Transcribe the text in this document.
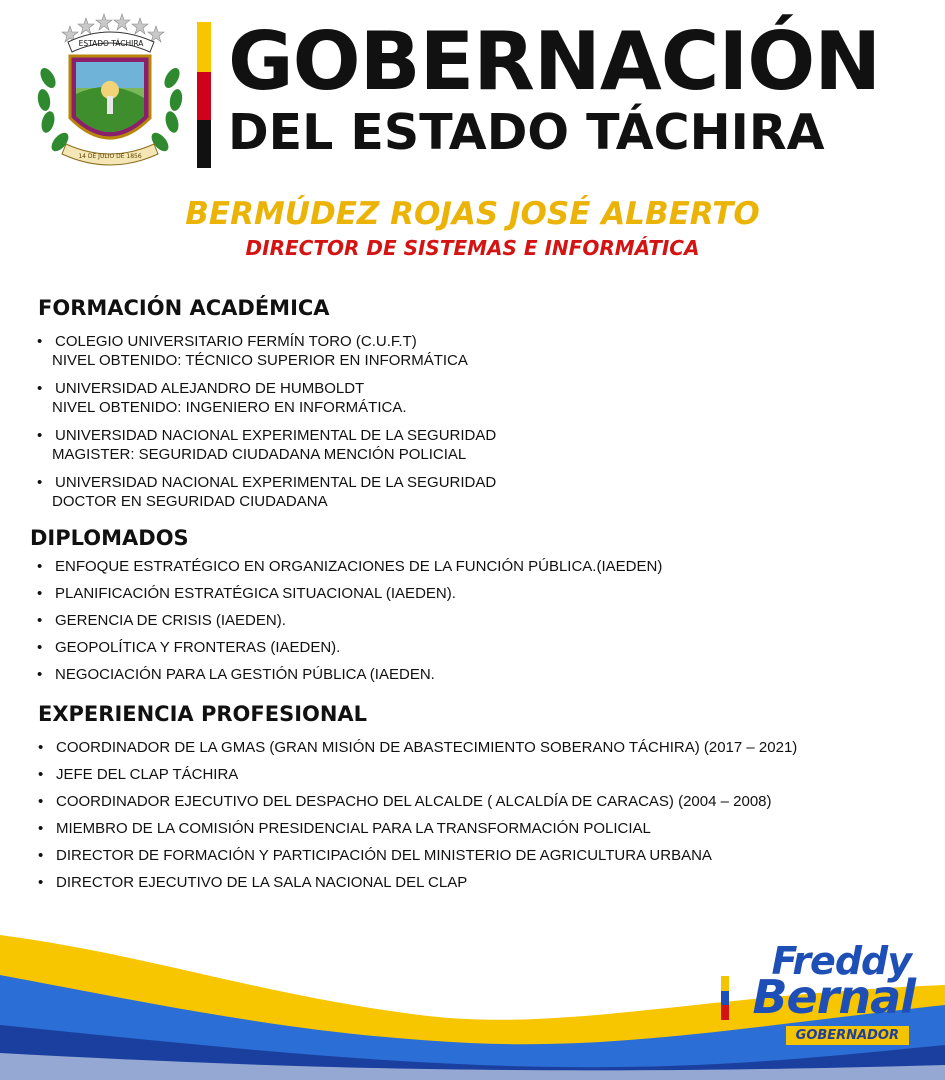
ESTADO TÁCHIRA
14 DE JULIO DE 1856
GOBERNACIÓN
DEL ESTADO TÁCHIRA
BERMÚDEZ ROJAS JOSÉ ALBERTO
DIRECTOR DE SISTEMAS E INFORMÁTICA
FORMACIÓN ACADÉMICA
• COLEGIO UNIVERSITARIO FERMÍN TORO (C.U.F.T)
NIVEL OBTENIDO: TÉCNICO SUPERIOR EN INFORMÁTICA
• UNIVERSIDAD ALEJANDRO DE HUMBOLDT
NIVEL OBTENIDO: INGENIERO EN INFORMÁTICA.
• UNIVERSIDAD NACIONAL EXPERIMENTAL DE LA SEGURIDAD
MAGISTER: SEGURIDAD CIUDADANA MENCIÓN POLICIAL
• UNIVERSIDAD NACIONAL EXPERIMENTAL DE LA SEGURIDAD
DOCTOR EN SEGURIDAD CIUDADANA
DIPLOMADOS
• ENFOQUE ESTRATÉGICO EN ORGANIZACIONES DE LA FUNCIÓN PÚBLICA.(IAEDEN)
• PLANIFICACIÓN ESTRATÉGICA SITUACIONAL (IAEDEN).
• GERENCIA DE CRISIS (IAEDEN).
• GEOPOLÍTICA Y FRONTERAS (IAEDEN).
• NEGOCIACIÓN PARA LA GESTIÓN PÚBLICA (IAEDEN.
EXPERIENCIA PROFESIONAL
• COORDINADOR DE LA GMAS (GRAN MISIÓN DE ABASTECIMIENTO SOBERANO TÁCHIRA) (2017 – 2021)
• JEFE DEL CLAP TÁCHIRA
• COORDINADOR EJECUTIVO DEL DESPACHO DEL ALCALDE ( ALCALDÍA DE CARACAS) (2004 – 2008)
• MIEMBRO DE LA COMISIÓN PRESIDENCIAL PARA LA TRANSFORMACIÓN POLICIAL
• DIRECTOR DE FORMACIÓN Y PARTICIPACIÓN DEL MINISTERIO DE AGRICULTURA URBANA
• DIRECTOR EJECUTIVO DE LA SALA NACIONAL DEL CLAP
Freddy
Bernal
GOBERNADOR
